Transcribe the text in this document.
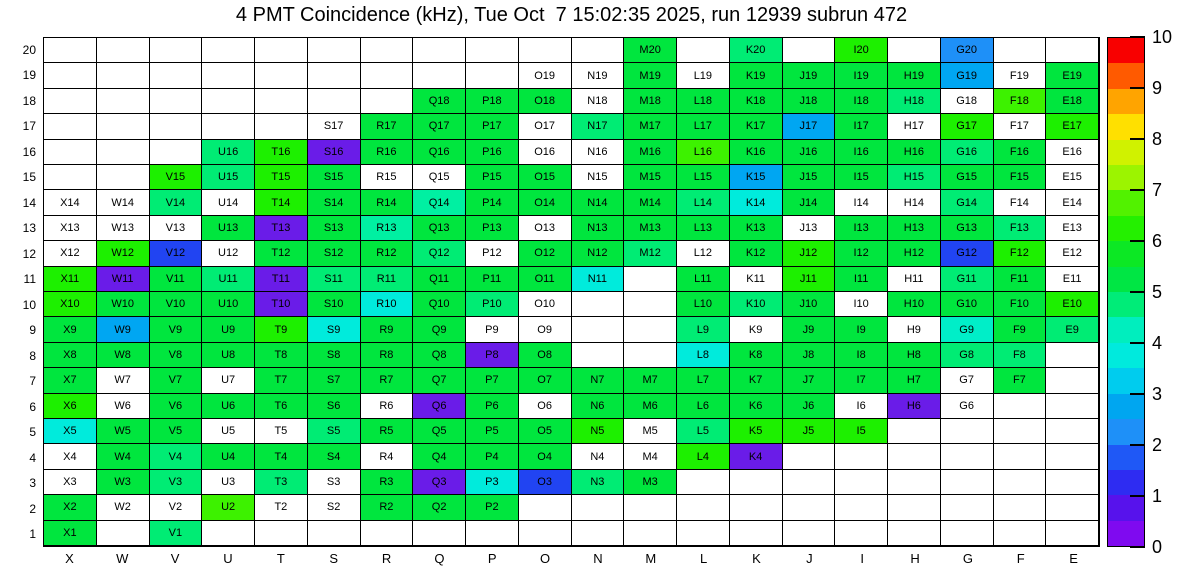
4 PMT Coincidence (kHz), Tue Oct  7 15:02:35 2025, run 12939 subrun 472
20
19
18
17
16
15
14
13
12
11
10
9
8
7
6
5
4
3
2
1
M20	K20	I20	G20
O19	N19	M19	L19	K19	J19	I19	H19	G19	F19	E19
Q18	P18	O18	N18	M18	L18	K18	J18	I18	H18	G18	F18	E18
S17	R17	Q17	P17	O17	N17	M17	L17	K17	J17	I17	H17	G17	F17	E17
U16	T16	S16	R16	Q16	P16	O16	N16	M16	L16	K16	J16	I16	H16	G16	F16	E16
V15	U15	T15	S15	R15	Q15	P15	O15	N15	M15	L15	K15	J15	I15	H15	G15	F15	E15
X14	W14	V14	U14	T14	S14	R14	Q14	P14	O14	N14	M14	L14	K14	J14	I14	H14	G14	F14	E14
X13	W13	V13	U13	T13	S13	R13	Q13	P13	O13	N13	M13	L13	K13	J13	I13	H13	G13	F13	E13
X12	W12	V12	U12	T12	S12	R12	Q12	P12	O12	N12	M12	L12	K12	J12	I12	H12	G12	F12	E12
X11	W11	V11	U11	T11	S11	R11	Q11	P11	O11	N11	L11	K11	J11	I11	H11	G11	F11	E11
X10	W10	V10	U10	T10	S10	R10	Q10	P10	O10	L10	K10	J10	I10	H10	G10	F10	E10
X9	W9	V9	U9	T9	S9	R9	Q9	P9	O9	L9	K9	J9	I9	H9	G9	F9	E9
X8	W8	V8	U8	T8	S8	R8	Q8	P8	O8	L8	K8	J8	I8	H8	G8	F8
X7	W7	V7	U7	T7	S7	R7	Q7	P7	O7	N7	M7	L7	K7	J7	I7	H7	G7	F7
X6	W6	V6	U6	T6	S6	R6	Q6	P6	O6	N6	M6	L6	K6	J6	I6	H6	G6
X5	W5	V5	U5	T5	S5	R5	Q5	P5	O5	N5	M5	L5	K5	J5	I5
X4	W4	V4	U4	T4	S4	R4	Q4	P4	O4	N4	M4	L4	K4
X3	W3	V3	U3	T3	S3	R3	Q3	P3	O3	N3	M3
X2	W2	V2	U2	T2	S2	R2	Q2	P2
X1	V1
X	W	V	U	T	S	R	Q	P	O	N	M	L	K	J	I	H	G	F	E
10
9
8
7
6
5
4
3
2
1
0
